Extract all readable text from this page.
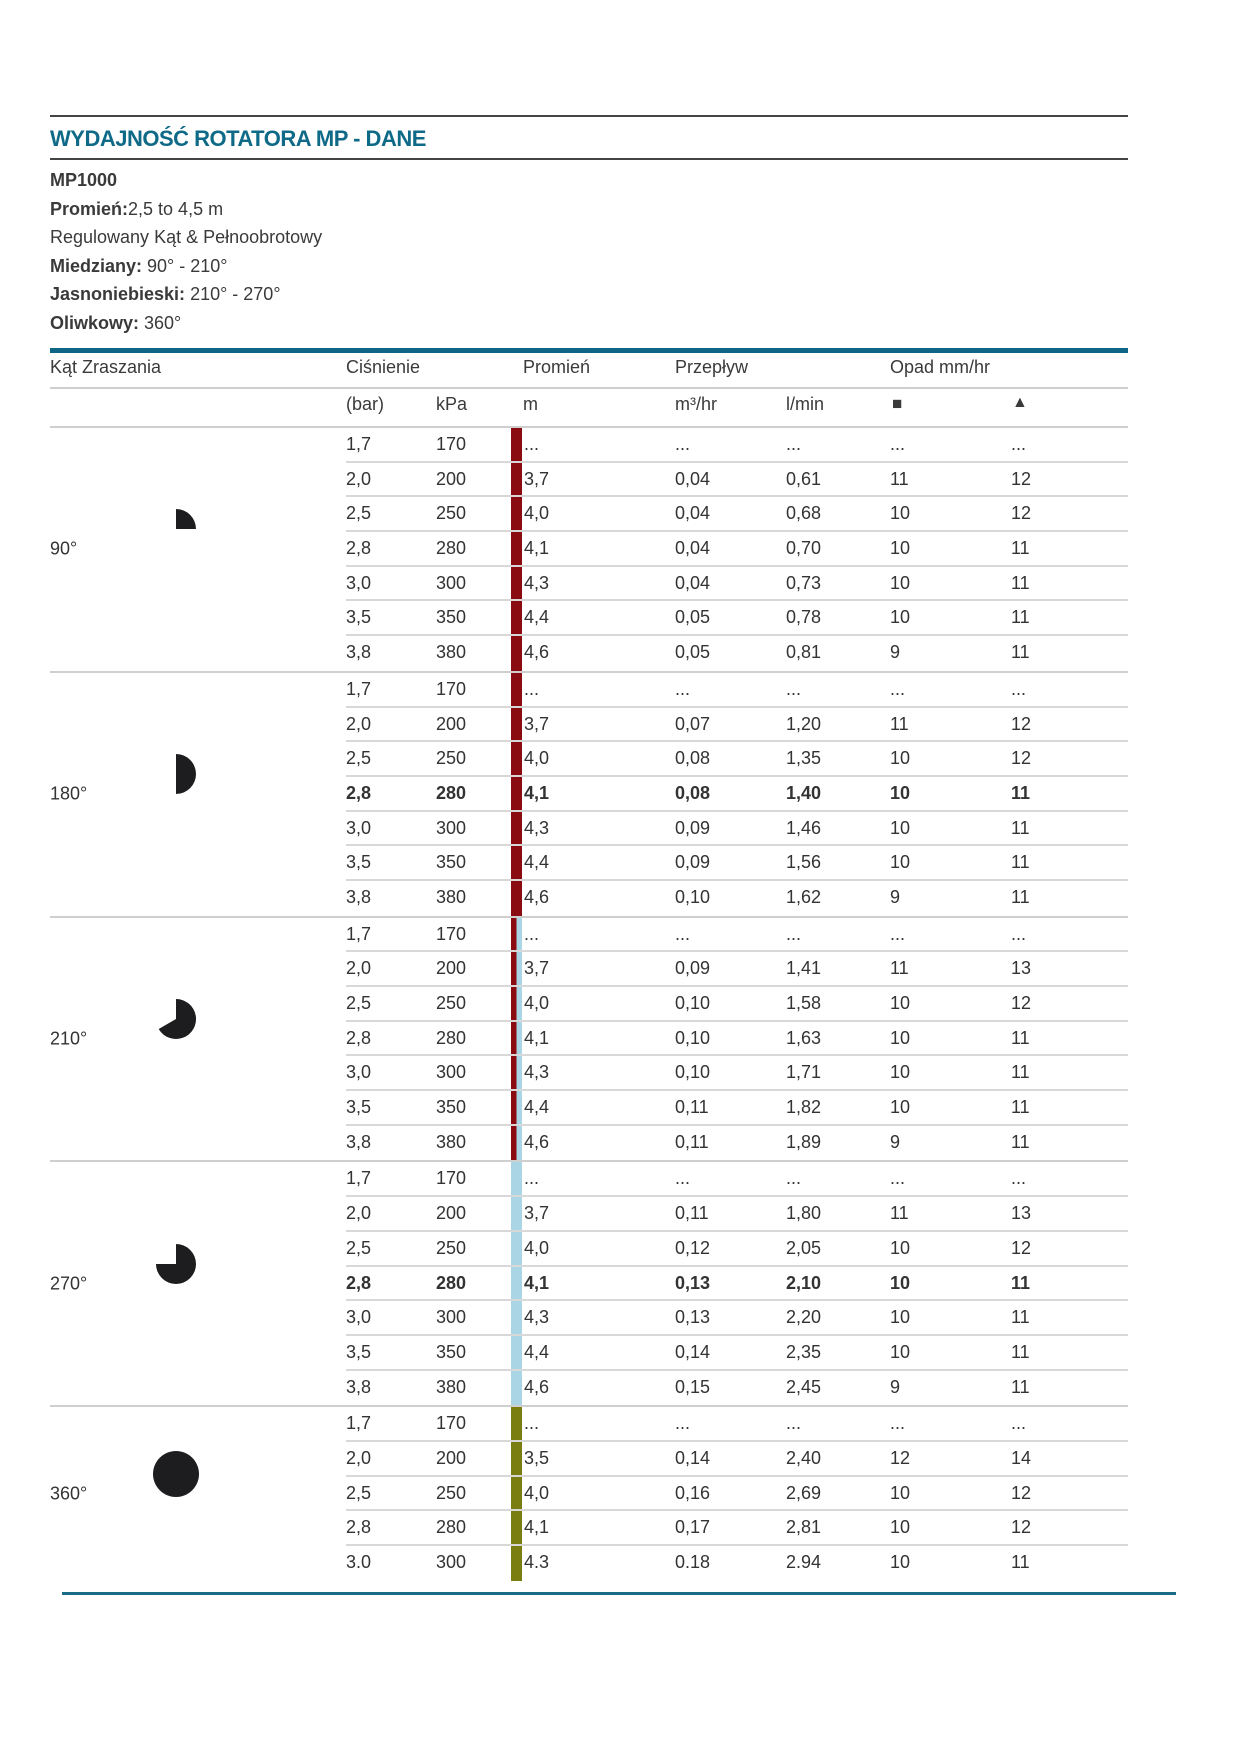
WYDAJNOŚĆ ROTATORA MP - DANE
MP1000
Promień:2,5 to 4,5 m
Regulowany Kąt & Pełnoobrotowy
Miedziany: 90° - 210°
Jasnoniebieski: 210° - 270°
Oliwkowy: 360°
Kąt Zraszania	Ciśnienie	Promień	Przepływ	Opad mm/hr
(bar)	kPa	m	m³/hr	l/min	■	▲
90°
1,7	170	...	...	...	...	...
2,0	200	3,7	0,04	0,61	11	12
2,5	250	4,0	0,04	0,68	10	12
2,8	280	4,1	0,04	0,70	10	11
3,0	300	4,3	0,04	0,73	10	11
3,5	350	4,4	0,05	0,78	10	11
3,8	380	4,6	0,05	0,81	9	11
180°
1,7	170	...	...	...	...	...
2,0	200	3,7	0,07	1,20	11	12
2,5	250	4,0	0,08	1,35	10	12
2,8	280	4,1	0,08	1,40	10	11
3,0	300	4,3	0,09	1,46	10	11
3,5	350	4,4	0,09	1,56	10	11
3,8	380	4,6	0,10	1,62	9	11
210°
1,7	170	...	...	...	...	...
2,0	200	3,7	0,09	1,41	11	13
2,5	250	4,0	0,10	1,58	10	12
2,8	280	4,1	0,10	1,63	10	11
3,0	300	4,3	0,10	1,71	10	11
3,5	350	4,4	0,11	1,82	10	11
3,8	380	4,6	0,11	1,89	9	11
270°
1,7	170	...	...	...	...	...
2,0	200	3,7	0,11	1,80	11	13
2,5	250	4,0	0,12	2,05	10	12
2,8	280	4,1	0,13	2,10	10	11
3,0	300	4,3	0,13	2,20	10	11
3,5	350	4,4	0,14	2,35	10	11
3,8	380	4,6	0,15	2,45	9	11
360°
1,7	170	...	...	...	...	...
2,0	200	3,5	0,14	2,40	12	14
2,5	250	4,0	0,16	2,69	10	12
2,8	280	4,1	0,17	2,81	10	12
3.0	300	4.3	0.18	2.94	10	11
